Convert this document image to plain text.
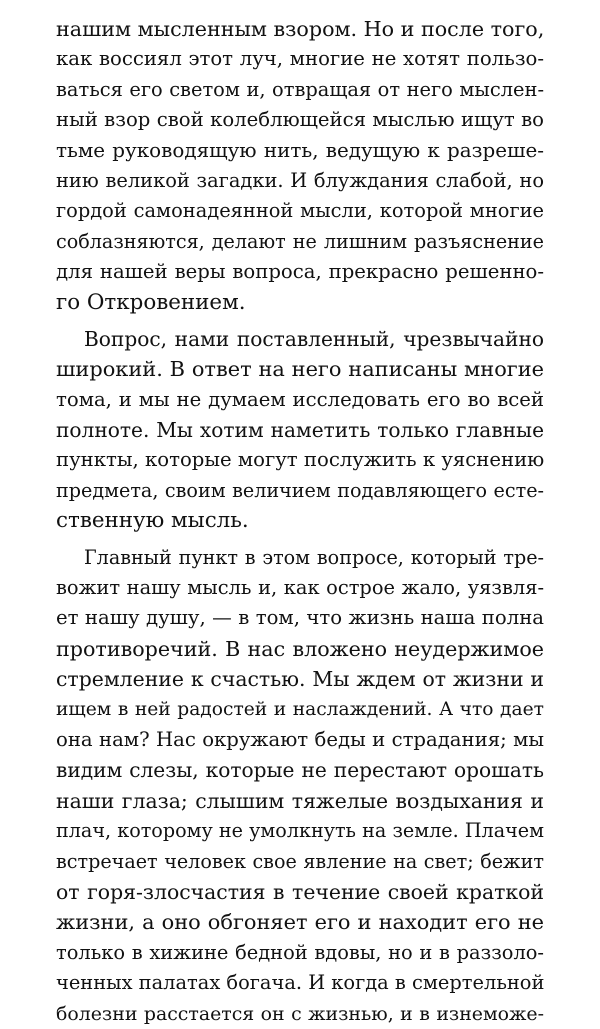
нашим мысленным взором. Но и после того,
как воссиял этот луч, многие не хотят пользо-
ваться его светом и, отвращая от него мыслен-
ный взор свой колеблющейся мыслью ищут во
тьме руководящую нить, ведущую к разреше-
нию великой загадки. И блуждания слабой, но
гордой самонадеянной мысли, которой многие
соблазняются, делают не лишним разъяснение
для нашей веры вопроса, прекрасно решенно-
го Откровением.
Вопрос, нами поставленный, чрезвычайно
широкий. В ответ на него написаны многие
тома, и мы не думаем исследовать его во всей
полноте. Мы хотим наметить только главные
пункты, которые могут послужить к уяснению
предмета, своим величием подавляющего есте-
ственную мысль.
Главный пункт в этом вопросе, который тре-
вожит нашу мысль и, как острое жало, уязвля-
ет нашу душу, — в том, что жизнь наша полна
противоречий. В нас вложено неудержимое
стремление к счастью. Мы ждем от жизни и
ищем в ней радостей и наслаждений. А что дает
она нам? Нас окружают беды и страдания; мы
видим слезы, которые не перестают орошать
наши глаза; слышим тяжелые воздыхания и
плач, которому не умолкнуть на земле. Плачем
встречает человек свое явление на свет; бежит
от горя-злосчастия в течение своей краткой
жизни, а оно обгоняет его и находит его не
только в хижине бедной вдовы, но и в раззоло-
ченных палатах богача. И когда в смертельной
болезни расстается он с жизнью, и в изнеможе-
